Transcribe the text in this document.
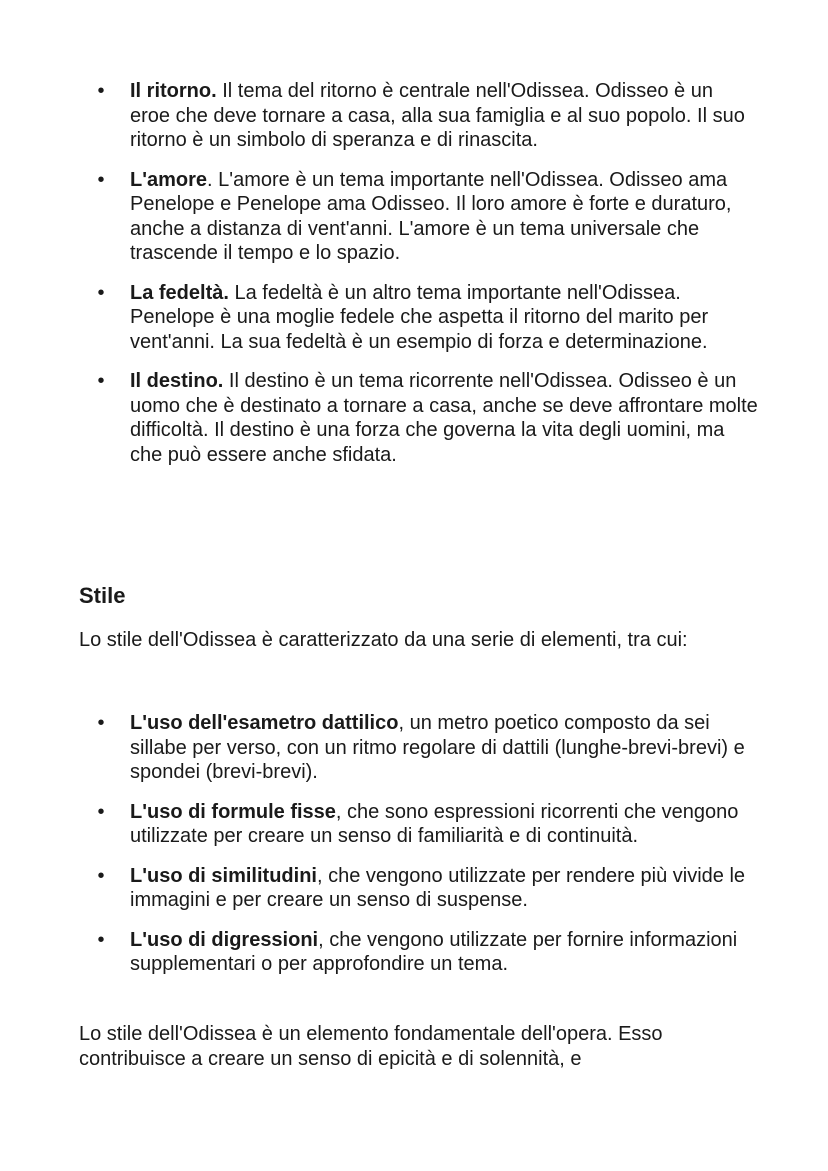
• Il ritorno. Il tema del ritorno è centrale nell'Odissea. Odisseo è un eroe che deve tornare a casa, alla sua famiglia e al suo popolo. Il suo ritorno è un simbolo di speranza e di rinascita.
• L'amore. L'amore è un tema importante nell'Odissea. Odisseo ama Penelope e Penelope ama Odisseo. Il loro amore è forte e duraturo, anche a distanza di vent'anni. L'amore è un tema universale che trascende il tempo e lo spazio.
• La fedeltà. La fedeltà è un altro tema importante nell'Odissea. Penelope è una moglie fedele che aspetta il ritorno del marito per vent'anni. La sua fedeltà è un esempio di forza e determinazione.
• Il destino. Il destino è un tema ricorrente nell'Odissea. Odisseo è un uomo che è destinato a tornare a casa, anche se deve affrontare molte difficoltà. Il destino è una forza che governa la vita degli uomini, ma che può essere anche sfidata.
Stile

Lo stile dell'Odissea è caratterizzato da una serie di elementi, tra cui:

• L'uso dell'esametro dattilico, un metro poetico composto da sei sillabe per verso, con un ritmo regolare di dattili (lunghe-brevi-brevi) e spondei (brevi-brevi).
• L'uso di formule fisse, che sono espressioni ricorrenti che vengono utilizzate per creare un senso di familiarità e di continuità.
• L'uso di similitudini, che vengono utilizzate per rendere più vivide le immagini e per creare un senso di suspense.
• L'uso di digressioni, che vengono utilizzate per fornire informazioni supplementari o per approfondire un tema.

Lo stile dell'Odissea è un elemento fondamentale dell'opera. Esso contribuisce a creare un senso di epicità e di solennità, e
